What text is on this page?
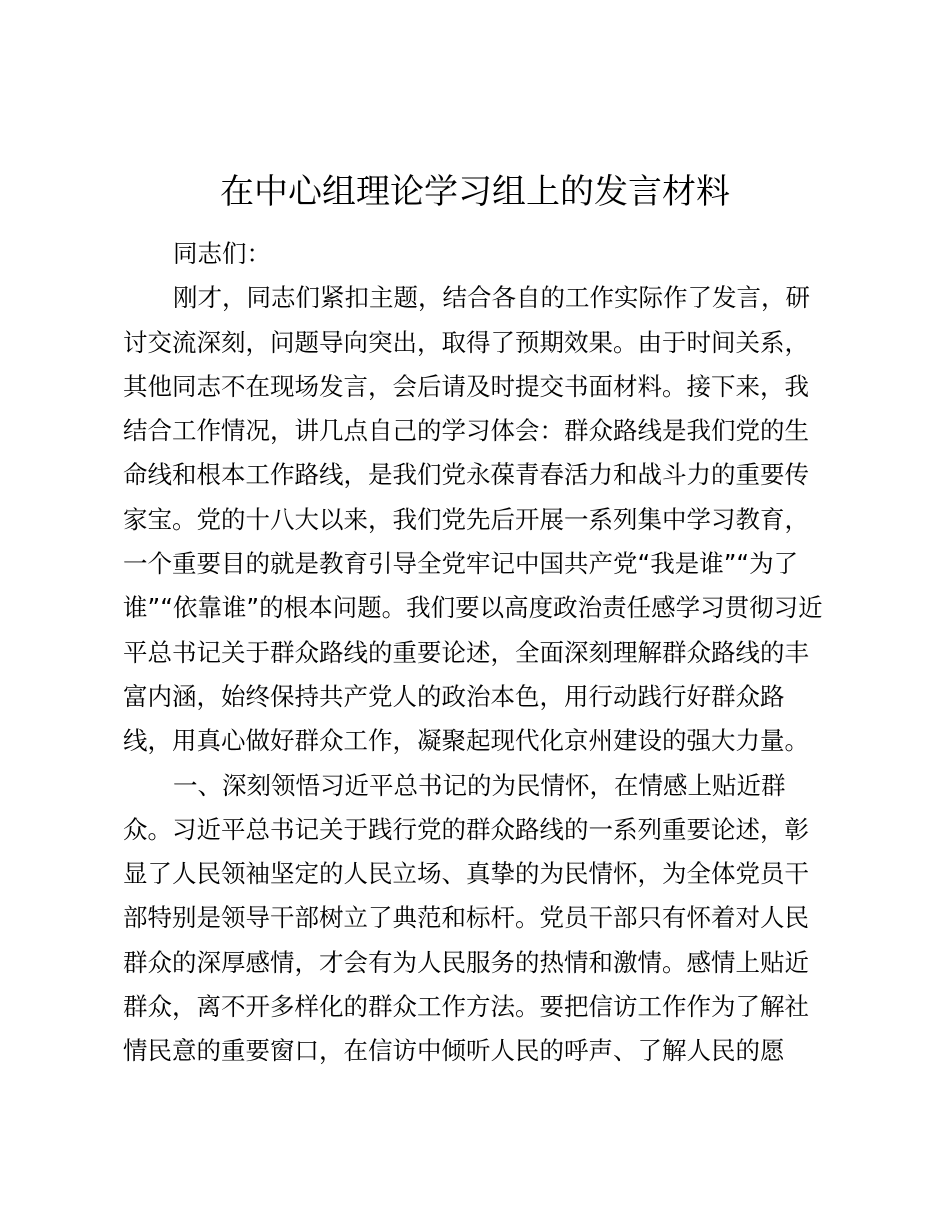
在中心组理论学习组上的发言材料

同志们：

刚才，同志们紧扣主题，结合各自的工作实际作了发言，研

讨交流深刻，问题导向突出，取得了预期效果。由于时间关系，

其他同志不在现场发言，会后请及时提交书面材料。接下来，我

结合工作情况，讲几点自己的学习体会：群众路线是我们党的生

命线和根本工作路线，是我们党永葆青春活力和战斗力的重要传

家宝。党的十八大以来，我们党先后开展一系列集中学习教育，

一个重要目的就是教育引导全党牢记中国共产党“我是谁”“为了

谁”“依靠谁”的根本问题。我们要以高度政治责任感学习贯彻习近

平总书记关于群众路线的重要论述，全面深刻理解群众路线的丰

富内涵，始终保持共产党人的政治本色，用行动践行好群众路

线，用真心做好群众工作，凝聚起现代化京州建设的强大力量。

一、深刻领悟习近平总书记的为民情怀，在情感上贴近群

众。习近平总书记关于践行党的群众路线的一系列重要论述，彰

显了人民领袖坚定的人民立场、真挚的为民情怀，为全体党员干

部特别是领导干部树立了典范和标杆。党员干部只有怀着对人民

群众的深厚感情，才会有为人民服务的热情和激情。感情上贴近

群众，离不开多样化的群众工作方法。要把信访工作作为了解社

情民意的重要窗口，在信访中倾听人民的呼声、了解人民的愿
